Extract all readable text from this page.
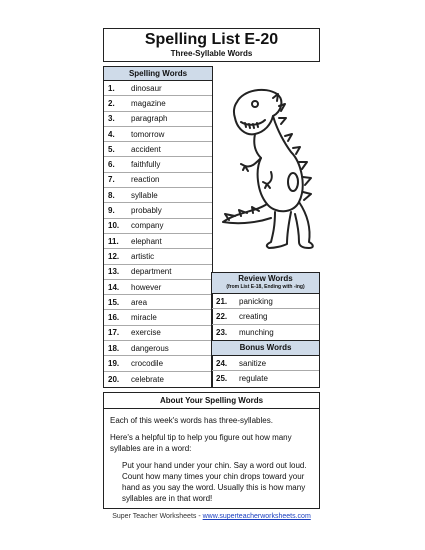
Spelling List E-20
Three-Syllable Words
Spelling Words
1.	dinosaur
2.	magazine
3.	paragraph
4.	tomorrow
5.	accident
6.	faithfully
7.	reaction
8.	syllable
9.	probably
10.	company
11.	elephant
12.	artistic
13.	department
14.	however
15.	area
16.	miracle
17.	exercise
18.	dangerous
19.	crocodile
20.	celebrate
Review Words
(from List E-18, Ending with -ing)
21.	panicking
22.	creating
23.	munching
Bonus Words
24.	sanitize
25.	regulate
About Your Spelling Words
Each of this week's words has three-syllables.
Here's a helpful tip to help you figure out how many syllables are in a word:
Put your hand under your chin. Say a word out loud. Count how many times your chin drops toward your hand as you say the word. Usually this is how many syllables are in that word!
Super Teacher Worksheets - www.superteacherworksheets.com
